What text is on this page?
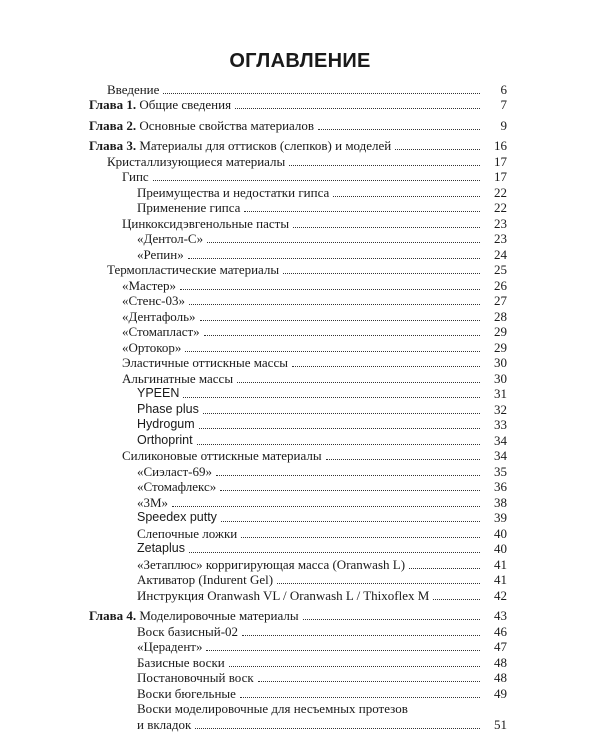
ОГЛАВЛЕНИЕ
Введение	6
Глава 1. Общие сведения	7
Глава 2. Основные свойства материалов	9
Глава 3. Материалы для оттисков (слепков) и моделей	16
Кристаллизующиеся материалы	17
Гипс	17
Преимущества и недостатки гипса	22
Применение гипса	22
Цинкоксидэвгенольные пасты	23
«Дентол-С»	23
«Репин»	24
Термопластические материалы	25
«Мастер»	26
«Стенс-03»	27
«Дентафоль»	28
«Стомапласт»	29
«Ортокор»	29
Эластичные оттискные массы	30
Альгинатные массы	30
YPEEN	31
Phase plus	32
Hydrogum	33
Orthoprint	34
Силиконовые оттискные материалы	34
«Сиэласт-69»	35
«Стомафлекс»	36
«3М»	38
Speedex putty	39
Слепочные ложки	40
Zetaplus	40
«Зетаплюс» корригирующая масса (Oranwash L)	41
Активатор (Indurent Gel)	41
Инструкция Oranwash VL / Oranwash L / Thixoflex M	42
Глава 4. Моделировочные материалы	43
Воск базисный-02	46
«Церадент»	47
Базисные воски	48
Постановочный воск	48
Воски бюгельные	49
Воски моделировочные для несъемных протезов
и вкладок	51
